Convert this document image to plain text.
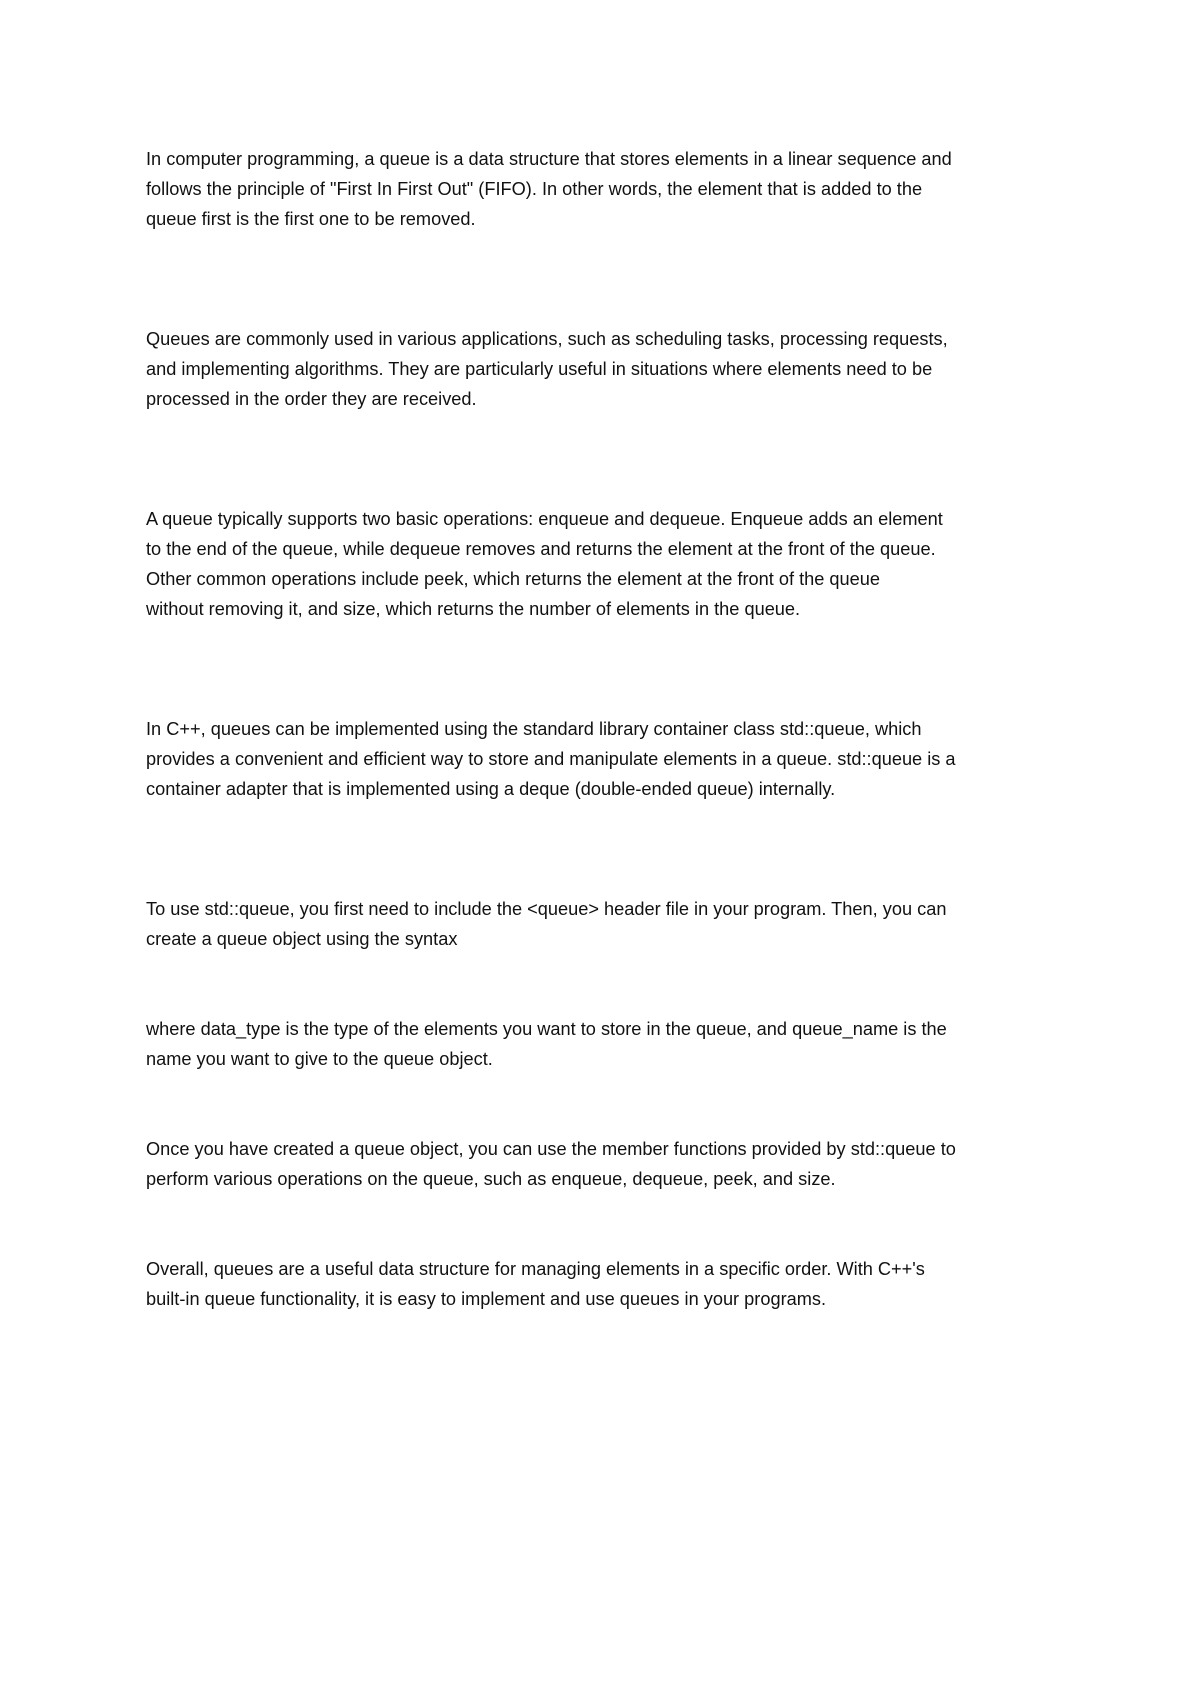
In computer programming, a queue is a data structure that stores elements in a linear sequence and
follows the principle of "First In First Out" (FIFO). In other words, the element that is added to the
queue first is the first one to be removed.

Queues are commonly used in various applications, such as scheduling tasks, processing requests,
and implementing algorithms. They are particularly useful in situations where elements need to be
processed in the order they are received.

A queue typically supports two basic operations: enqueue and dequeue. Enqueue adds an element
to the end of the queue, while dequeue removes and returns the element at the front of the queue.
Other common operations include peek, which returns the element at the front of the queue
without removing it, and size, which returns the number of elements in the queue.

In C++, queues can be implemented using the standard library container class std::queue, which
provides a convenient and efficient way to store and manipulate elements in a queue. std::queue is a
container adapter that is implemented using a deque (double-ended queue) internally.

To use std::queue, you first need to include the <queue> header file in your program. Then, you can
create a queue object using the syntax

where data_type is the type of the elements you want to store in the queue, and queue_name is the
name you want to give to the queue object.

Once you have created a queue object, you can use the member functions provided by std::queue to
perform various operations on the queue, such as enqueue, dequeue, peek, and size.

Overall, queues are a useful data structure for managing elements in a specific order. With C++'s
built-in queue functionality, it is easy to implement and use queues in your programs.
